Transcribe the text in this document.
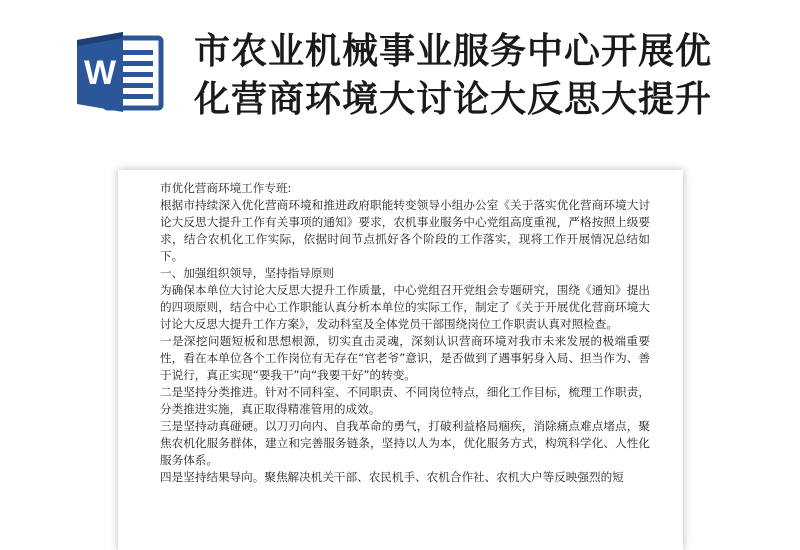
W
市农业机械事业服务中心开展优
化营商环境大讨论大反思大提升

市优化营商环境工作专班:

根据市持续深入优化营商环境和推进政府职能转变领导小组办公室《关于落实优化营商环境大讨论大反思大提升工作有关事项的通知》要求，农机事业服务中心党组高度重视，严格按照上级要求，结合农机化工作实际，依据时间节点抓好各个阶段的工作落实，现将工作开展情况总结如下。

一、加强组织领导，坚持指导原则

为确保本单位大讨论大反思大提升工作质量，中心党组召开党组会专题研究，围绕《通知》提出的四项原则，结合中心工作职能认真分析本单位的实际工作，制定了《关于开展优化营商环境大讨论大反思大提升工作方案》，发动科室及全体党员干部围绕岗位工作职责认真对照检查。

一是深挖问题短板和思想根源，切实直击灵魂，深刻认识营商环境对我市未来发展的极端重要性，看在本单位各个工作岗位有无存在“官老爷”意识，是否做到了遇事躬身入局、担当作为、善于说行，真正实现“要我干”向“我要干好”的转变。

二是坚持分类推进。针对不同科室、不同职责、不同岗位特点，细化工作目标，梳理工作职责，分类推进实施，真正取得精准管用的成效。

三是坚持动真碰硬。以刀刃向内、自我革命的勇气，打破利益格局痼疾，消除痛点难点堵点，聚焦农机化服务群体，建立和完善服务链条，坚持以人为本，优化服务方式，构筑科学化、人性化服务体系。

四是坚持结果导向。聚焦解决机关干部、农民机手、农机合作社、农机大户等反映强烈的短
